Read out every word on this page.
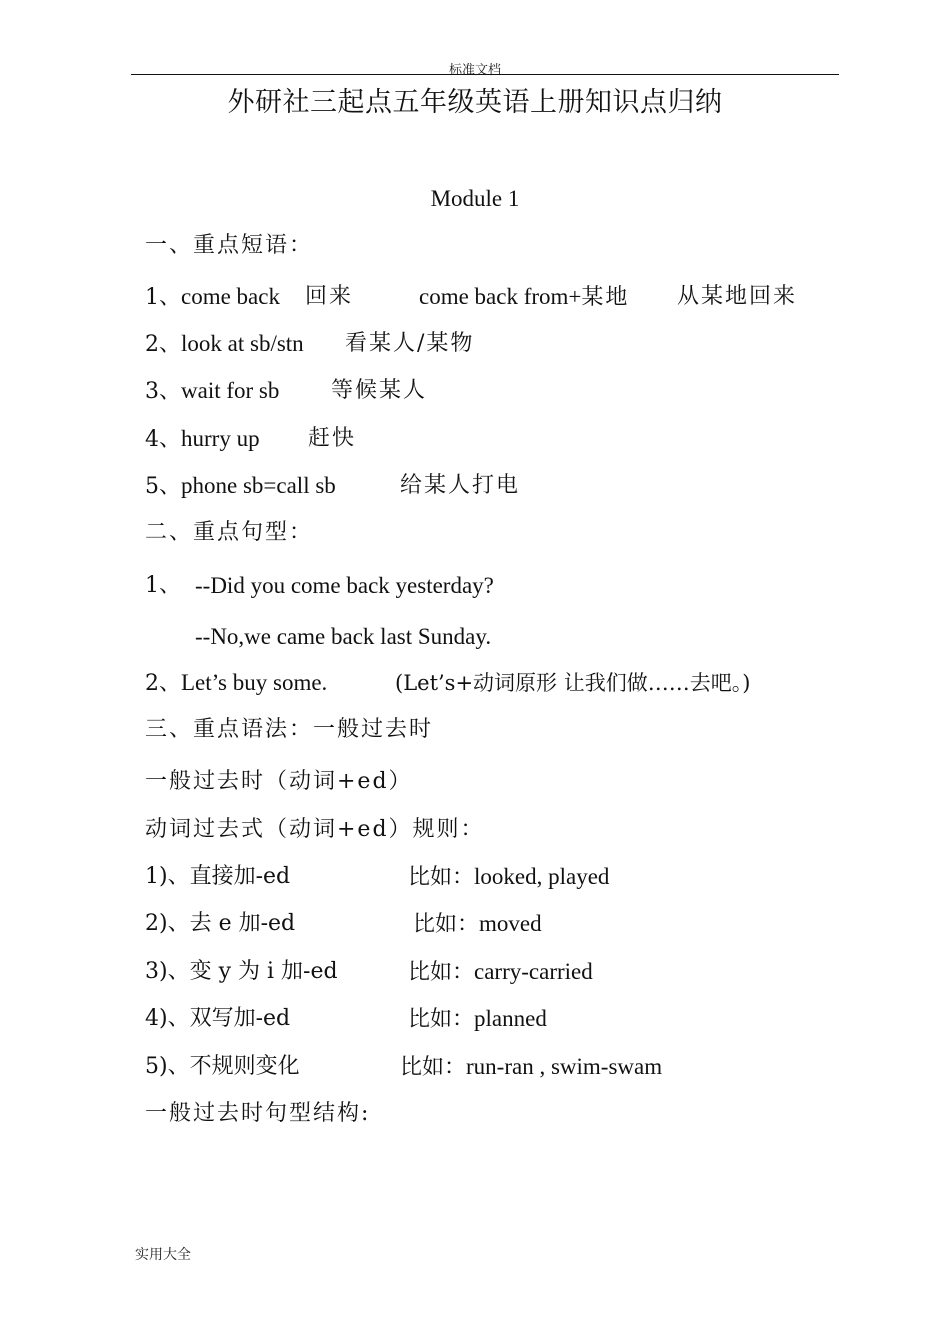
标准文档
外研社三起点五年级英语上册知识点归纳
Module 1
一、重点短语：
1、come back 回来	come back from+某地 从某地回来
2、look at sb/stn 看某人/某物
3、wait for sb 等候某人
4、hurry up 赶快
5、phone sb=call sb	给某人打电
二、重点句型：
1、 --Did you come back yesterday?
--No,we came back last Sunday.
2、Let’s buy some.	(Let’s+动词原形 让我们做……去吧。)
三、重点语法：一般过去时
一般过去时（动词+ed）
动词过去式（动词+ed）规则：
1)、直接加-ed	比如：looked, played
2)、去 e 加-ed	比如：moved
3)、变 y 为 i 加-ed	比如：carry-carried
4)、双写加-ed	比如：planned
5)、不规则变化	比如：run-ran , swim-swam
一般过去时句型结构:
实用大全
